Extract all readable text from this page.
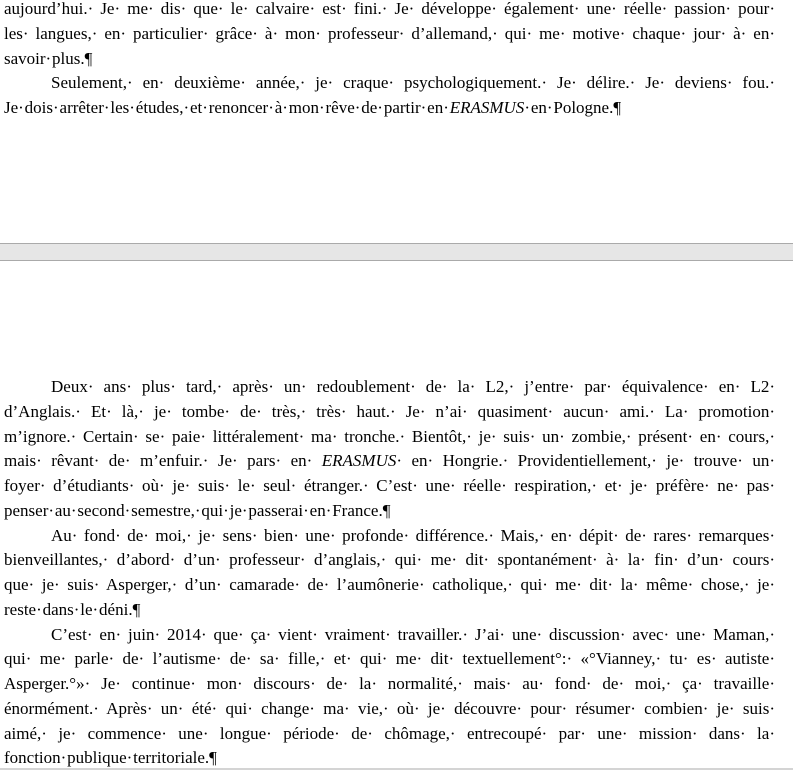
aujourd’hui.· Je· me· dis· que· le· calvaire· est· fini.· Je· développe· également· une· réelle· passion· pour·
les· langues,· en· particulier· grâce· à· mon· professeur· d’allemand,· qui· me· motive· chaque· jour· à· en·
savoir· plus.¶
Seulement,· en· deuxième· année,· je· craque· psychologiquement.· Je· délire.· Je· deviens· fou.·
Je· dois· arrêter· les· études,· et· renoncer· à· mon· rêve· de· partir· en· ERASMUS· en· Pologne.¶
Deux· ans· plus· tard,· après· un· redoublement· de· la· L2,· j’entre· par· équivalence· en· L2·
d’Anglais.· Et· là,· je· tombe· de· très,· très· haut.· Je· n’ai· quasiment· aucun· ami.· La· promotion·
m’ignore.· Certain· se· paie· littéralement· ma· tronche.· Bientôt,· je· suis· un· zombie,· présent· en· cours,·
mais· rêvant· de· m’enfuir.· Je· pars· en· ERASMUS· en· Hongrie.· Providentiellement,· je· trouve· un·
foyer· d’étudiants· où· je· suis· le· seul· étranger.· C’est· une· réelle· respiration,· et· je· préfère· ne· pas·
penser· au· second· semestre,· qui· je· passerai· en· France.¶
Au· fond· de· moi,· je· sens· bien· une· profonde· différence.· Mais,· en· dépit· de· rares· remarques·
bienveillantes,· d’abord· d’un· professeur· d’anglais,· qui· me· dit· spontanément· à· la· fin· d’un· cours·
que· je· suis· Asperger,· d’un· camarade· de· l’aumônerie· catholique,· qui· me· dit· la· même· chose,· je·
reste· dans· le· déni.¶
C’est· en· juin· 2014· que· ça· vient· vraiment· travailler.· J’ai· une· discussion· avec· une· Maman,·
qui· me· parle· de· l’autisme· de· sa· fille,· et· qui· me· dit· textuellement°:· «°Vianney,· tu· es· autiste·
Asperger.°»· Je· continue· mon· discours· de· la· normalité,· mais· au· fond· de· moi,· ça· travaille·
énormément.· Après· un· été· qui· change· ma· vie,· où· je· découvre· pour· résumer· combien· je· suis·
aimé,· je· commence· une· longue· période· de· chômage,· entrecoupé· par· une· mission· dans· la·
fonction· publique· territoriale.¶
